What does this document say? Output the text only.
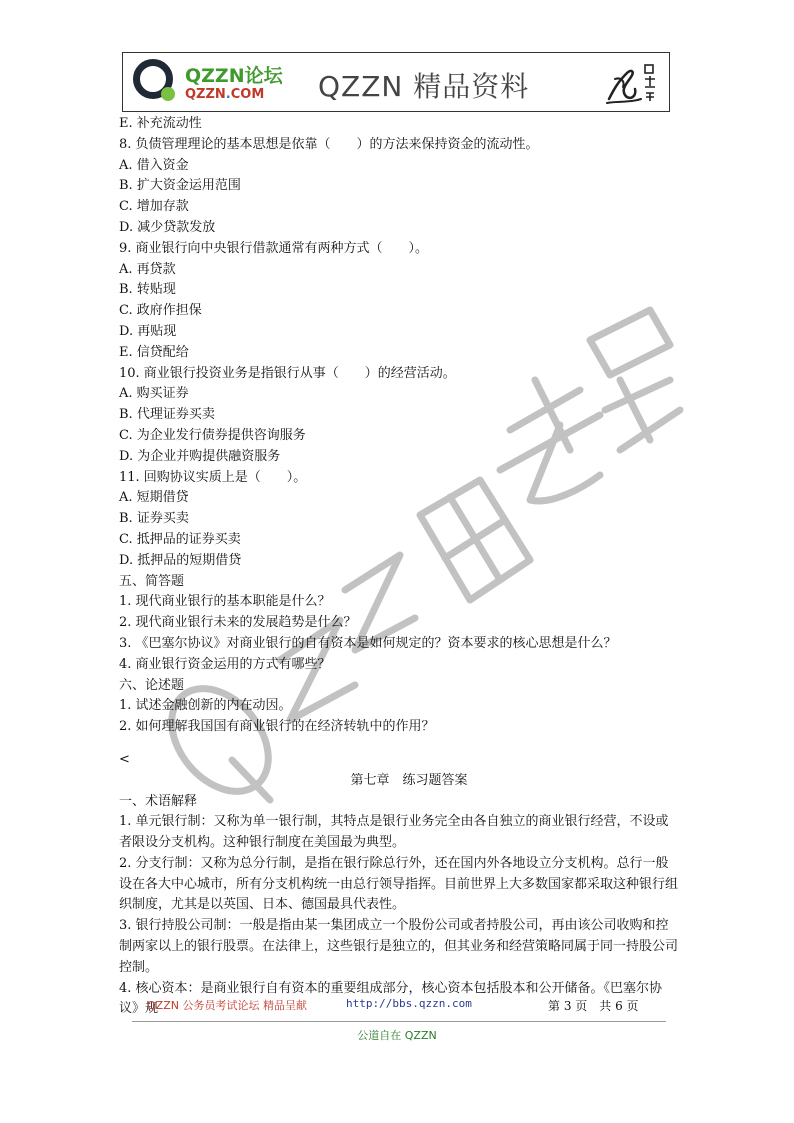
QZZN论坛
QZZN.COM QZZN 精品资料
E. 补充流动性
8. 负债管理理论的基本思想是依靠（　　）的方法来保持资金的流动性。
A. 借入资金
B. 扩大资金运用范围
C. 增加存款
D. 减少贷款发放
9. 商业银行向中央银行借款通常有两种方式（　　）。
A. 再贷款
B. 转贴现
C. 政府作担保
D. 再贴现
E. 信贷配给
10. 商业银行投资业务是指银行从事（　　）的经营活动。
A. 购买证券
B. 代理证券买卖
C. 为企业发行债券提供咨询服务
D. 为企业并购提供融资服务
11. 回购协议实质上是（　　）。
A. 短期借贷
B. 证券买卖
C. 抵押品的证券买卖
D. 抵押品的短期借贷
五、简答题
1. 现代商业银行的基本职能是什么？
2. 现代商业银行未来的发展趋势是什么？
3. 《巴塞尔协议》对商业银行的自有资本是如何规定的？资本要求的核心思想是什么？
4. 商业银行资金运用的方式有哪些？
六、论述题
1. 试述金融创新的内在动因。
2. 如何理解我国国有商业银行的在经济转轨中的作用？
<
第七章　练习题答案
一、术语解释
1. 单元银行制：又称为单一银行制，其特点是银行业务完全由各自独立的商业银行经营，不设或者限设分支机构。这种银行制度在美国最为典型。
2. 分支行制：又称为总分行制，是指在银行除总行外，还在国内外各地设立分支机构。总行一般设在各大中心城市，所有分支机构统一由总行领导指挥。目前世界上大多数国家都采取这种银行组织制度，尤其是以英国、日本、德国最具代表性。
3. 银行持股公司制：一般是指由某一集团成立一个股份公司或者持股公司，再由该公司收购和控制两家以上的银行股票。在法律上，这些银行是独立的，但其业务和经营策略同属于同一持股公司控制。
4. 核心资本：是商业银行自有资本的重要组成部分，核心资本包括股本和公开储备。《巴塞尔协议》规
QZZN 公务员考试论坛 精品呈献	http://bbs.qzzn.com	第 3 页　共 6 页
公道自在 QZZN
